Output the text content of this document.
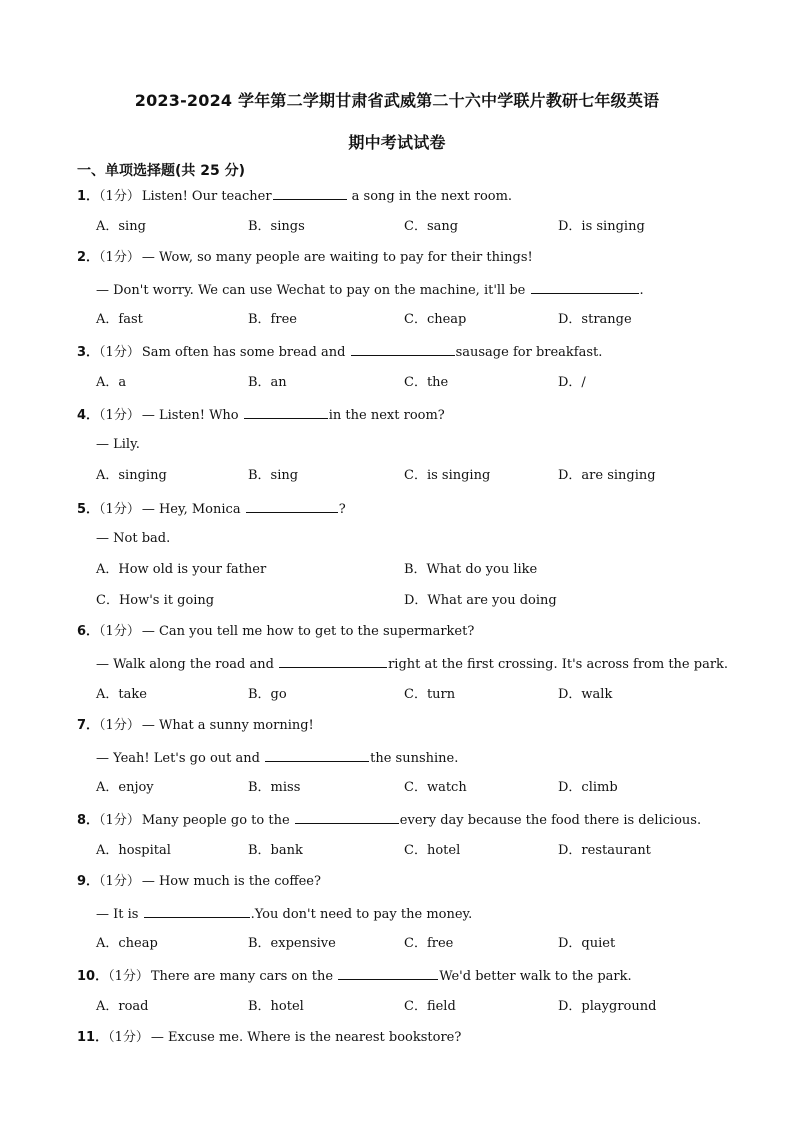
2023-2024 学年第二学期甘肃省武威第二十六中学联片教研七年级英语
期中考试试卷
一、单项选择题(共 25 分)
1．（1分） Listen! Our teacher	a song in the next room.
A．sing	B．sings	C．sang	D．is singing
2．（1分） — Wow, so many people are waiting to pay for their things!
— Don't worry. We can use Wechat to pay on the machine, it'll be	.
A．fast	B．free	C．cheap	D．strange
3．（1分） Sam often has some bread and	sausage for breakfast.
A．a	B．an	C．the	D．/
4．（1分） — Listen! Who	in the next room?
— Lily.
A．singing	B．sing	C．is singing	D．are singing
5．（1分） — Hey, Monica	?
— Not bad.
A．How old is your father	B．What do you like
C．How's it going	D．What are you doing
6．（1分） — Can you tell me how to get to the supermarket?
— Walk along the road and	right at the first crossing. It's across from the park.
A．take	B．go	C．turn	D．walk
7．（1分） — What a sunny morning!
— Yeah! Let's go out and	the sunshine.
A．enjoy	B．miss	C．watch	D．climb
8．（1分） Many people go to the	every day because the food there is delicious.
A．hospital	B．bank	C．hotel	D．restaurant
9．（1分） — How much is the coffee?
— It is	.You don't need to pay the money.
A．cheap	B．expensive	C．free	D．quiet
10．（1分） There are many cars on the	We'd better walk to the park.
A．road	B．hotel	C．field	D．playground
11．（1分） — Excuse me. Where is the nearest bookstore?
